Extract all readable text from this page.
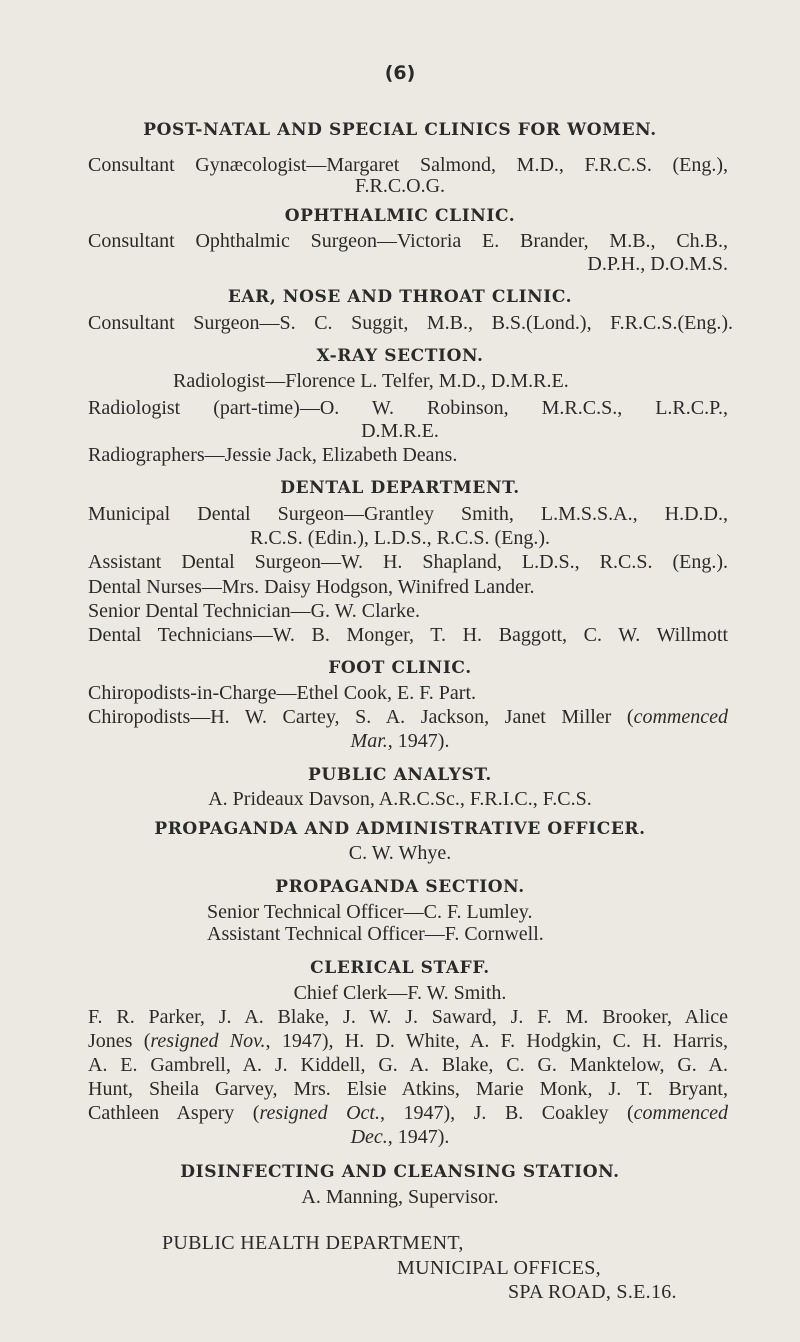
(6)
POST-NATAL AND SPECIAL CLINICS FOR WOMEN.
Consultant Gynæcologist—Margaret Salmond, M.D., F.R.C.S. (Eng.),
F.R.C.O.G.
OPHTHALMIC CLINIC.
Consultant Ophthalmic Surgeon—Victoria E. Brander, M.B., Ch.B.,
D.P.H., D.O.M.S.
EAR, NOSE AND THROAT CLINIC.
Consultant Surgeon—S. C. Suggit, M.B., B.S.(Lond.), F.R.C.S.(Eng.).
X-RAY SECTION.
Radiologist—Florence L. Telfer, M.D., D.M.R.E.
Radiologist (part-time)—O. W. Robinson, M.R.C.S., L.R.C.P.,
D.M.R.E.
Radiographers—Jessie Jack, Elizabeth Deans.
DENTAL DEPARTMENT.
Municipal Dental Surgeon—Grantley Smith, L.M.S.S.A., H.D.D.,
R.C.S. (Edin.), L.D.S., R.C.S. (Eng.).
Assistant Dental Surgeon—W. H. Shapland, L.D.S., R.C.S. (Eng.).
Dental Nurses—Mrs. Daisy Hodgson, Winifred Lander.
Senior Dental Technician—G. W. Clarke.
Dental Technicians—W. B. Monger, T. H. Baggott, C. W. Willmott
FOOT CLINIC.
Chiropodists-in-Charge—Ethel Cook, E. F. Part.
Chiropodists—H. W. Cartey, S. A. Jackson, Janet Miller (commenced
Mar., 1947).
PUBLIC ANALYST.
A. Prideaux Davson, A.R.C.Sc., F.R.I.C., F.C.S.
PROPAGANDA AND ADMINISTRATIVE OFFICER.
C. W. Whye.
PROPAGANDA SECTION.
Senior Technical Officer—C. F. Lumley.
Assistant Technical Officer—F. Cornwell.
CLERICAL STAFF.
Chief Clerk—F. W. Smith.
F. R. Parker, J. A. Blake, J. W. J. Saward, J. F. M. Brooker, Alice
Jones (resigned Nov., 1947), H. D. White, A. F. Hodgkin, C. H. Harris,
A. E. Gambrell, A. J. Kiddell, G. A. Blake, C. G. Manktelow, G. A.
Hunt, Sheila Garvey, Mrs. Elsie Atkins, Marie Monk, J. T. Bryant,
Cathleen Aspery (resigned Oct., 1947), J. B. Coakley (commenced
Dec., 1947).
DISINFECTING AND CLEANSING STATION.
A. Manning, Supervisor.
PUBLIC HEALTH DEPARTMENT,
MUNICIPAL OFFICES,
SPA ROAD, S.E.16.
